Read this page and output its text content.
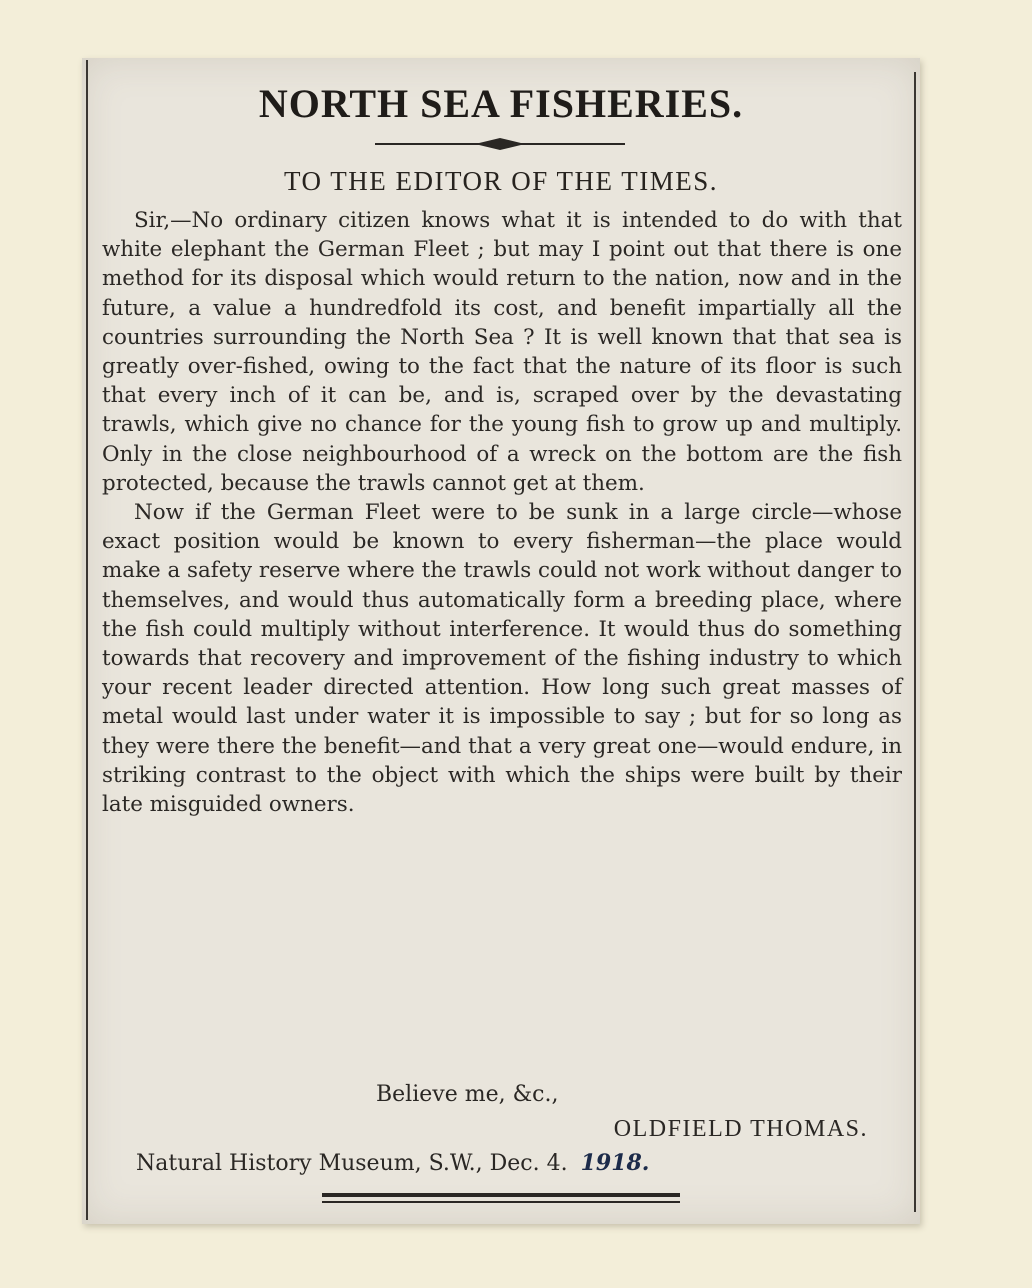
NORTH SEA FISHERIES.
TO THE EDITOR OF THE TIMES.

Sir,—No ordinary citizen knows what it is intended to do with that white elephant the German Fleet ; but may I point out that there is one method for its disposal which would return to the nation, now and in the future, a value a hundredfold its cost, and benefit impartially all the countries surrounding the North Sea ? It is well known that that sea is greatly over-fished, owing to the fact that the nature of its floor is such that every inch of it can be, and is, scraped over by the devastating trawls, which give no chance for the young fish to grow up and multiply. Only in the close neighbourhood of a wreck on the bottom are the fish protected, because the trawls cannot get at them.

Now if the German Fleet were to be sunk in a large circle—whose exact position would be known to every fisherman—the place would make a safety reserve where the trawls could not work without danger to themselves, and would thus automatically form a breeding place, where the fish could multiply without interference. It would thus do something towards that recovery and improvement of the fishing industry to which your recent leader directed attention. How long such great masses of metal would last under water it is impossible to say ; but for so long as they were there the benefit—and that a very great one—would endure, in striking contrast to the object with which the ships were built by their late misguided owners.

Believe me, &c.,
OLDFIELD THOMAS.
Natural History Museum, S.W., Dec. 4. 1918.
